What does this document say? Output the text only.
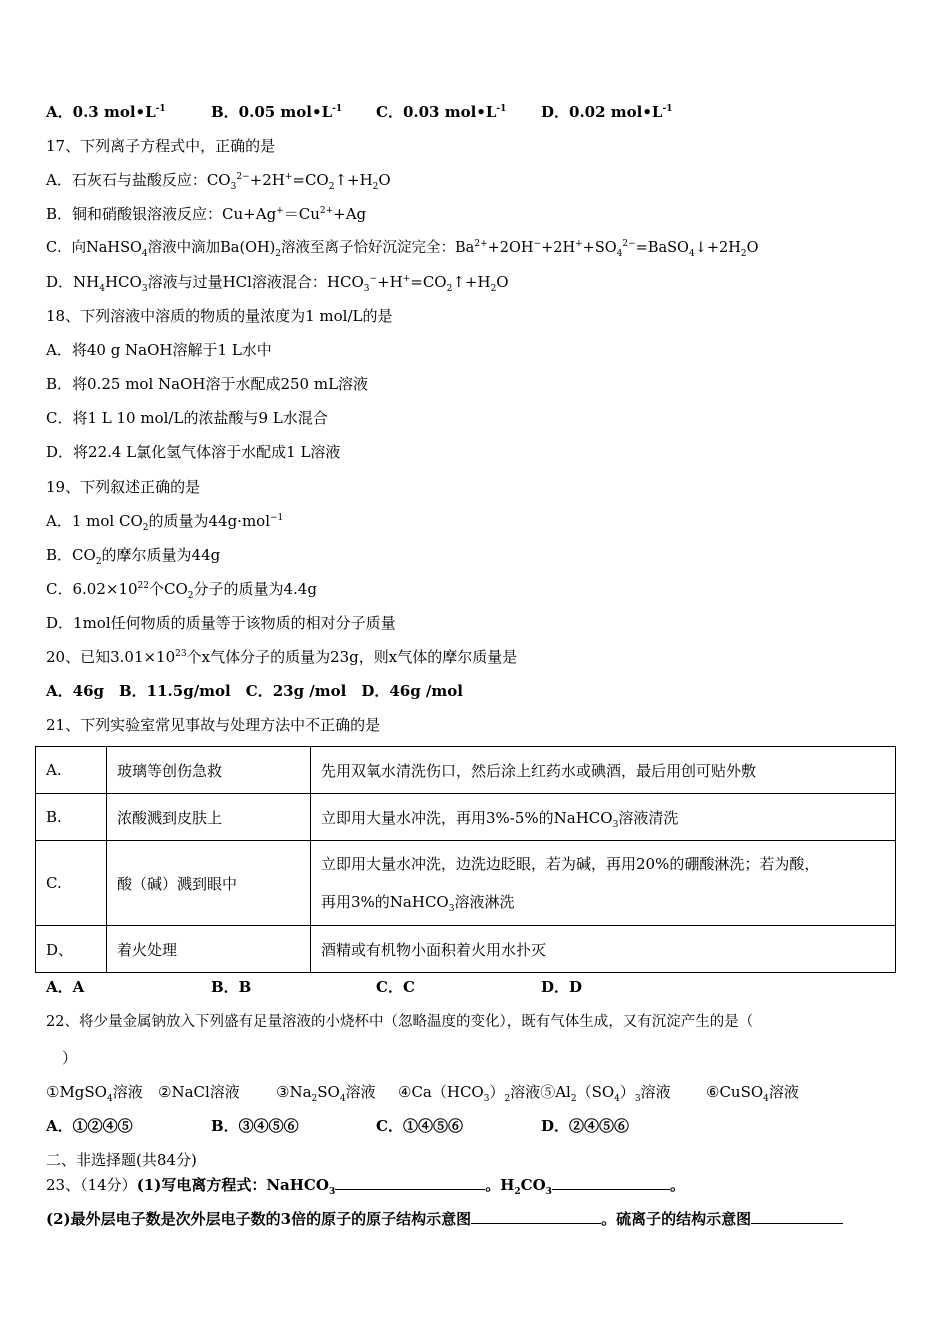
A．0.3 $mol•L^{-1}$	B．0.05 $mol•L^{-1}$ C．0.03 $mol•L^{-1}$ D．0.02 $mol•L^{-1}$
17、下列离子方程式中，正确的是
A．石灰石与盐酸反应：$CO_3^{2-}+2H^+=CO_2↑+H_2O$
B．铜和硝酸银溶液反应：$Cu+Ag^+=Cu^{2+}+Ag$
C．向NaHSO$_4$溶液中滴加$Ba(OH)_2$溶液至离子恰好沉淀完全：$Ba^{2+}+2OH^-+2H^++SO_4^{2-}=BaSO_4↓+2H_2O$
D．$NH_4HCO_3$溶液与过量HCl溶液混合：$HCO_3^-+H^+=CO_2↑+H_2O$
18、下列溶液中溶质的物质的量浓度为1 mol/L的是
A．将40 g NaOH溶解于1 L水中
B．将0.25 mol NaOH溶于水配成250 mL溶液
C．将1 L 10 mol/L的浓盐酸与9 L水混合
D．将22.4 L氯化氢气体溶于水配成1 L溶液
19、下列叙述正确的是
A．1 mol $CO_2$的质量为44g·mol$^{-1}$
B．$CO_2$的摩尔质量为44g
C．$6.02\times 10^{22}$个$CO_2$分子的质量为4.4g
D．1mol任何物质的质量等于该物质的相对分子质量
20、已知$3.01\times 10^{23}$个x气体分子的质量为23g，则x气体的摩尔质量是
A．46g　B．11.5g/mol　C．23g /mol　D．46g /mol
21、下列实验室常见事故与处理方法中不正确的是
A.	玻璃等创伤急救	先用双氧水清洗伤口，然后涂上红药水或碘酒，最后用创可贴外敷
B.	浓酸溅到皮肤上	立即用大量水冲洗，再用3%-5%的NaHCO$_3$溶液清洗
C.	酸（碱）溅到眼中	立即用大量水冲洗，边洗边眨眼，若为碱，再用20%的硼酸淋洗；若为酸，
再用3%的NaHCO$_3$溶液淋洗

D、	着火处理	酒精或有机物小面积着火用水扑灭
A．A	B．B	C．C	D．D
22、将少量金属钠放入下列盛有足量溶液的小烧杯中（忽略温度的变化），既有气体生成，又有沉淀产生的是（
）
①MgSO$_4$溶液 ②NaCl溶液 $③Na_2SO_4$溶液 $④Ca(HCO_3)_2$溶液$⑤Al_2(SO_4)_3$溶液 ⑥CuSO$_4$溶液
A．①②④⑤	B．③④⑤⑥	C．①④⑤⑥	D．②④⑤⑥
二、非选择题(共84分)
23、（14分）(1)写电离方程式：NaHCO$_3$	。$H_2CO_3$	。
(2)最外层电子数是次外层电子数的3倍的原子的原子结构示意图	。硫离子的结构示意图
